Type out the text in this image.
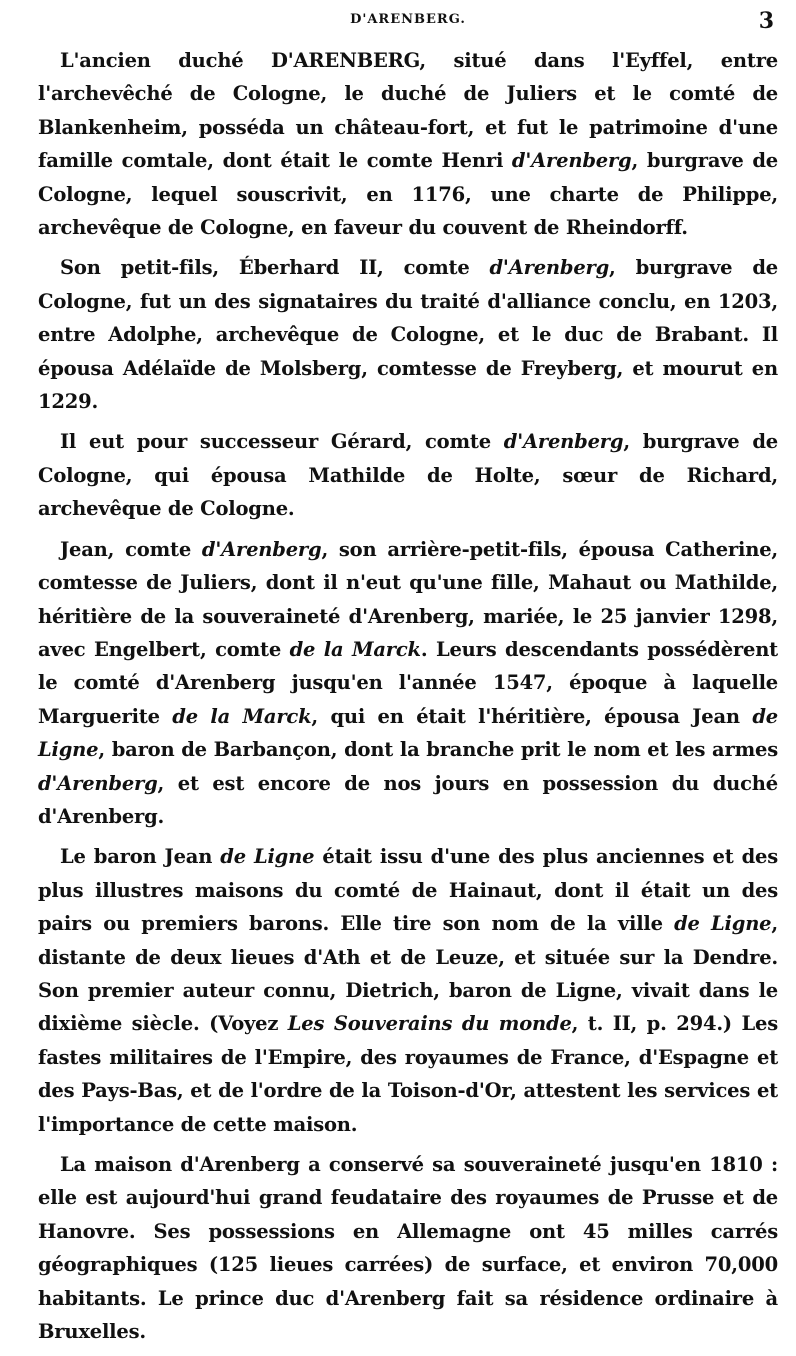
D'ARENBERG.	3

L'ancien duché D'ARENBERG, situé dans l'Eyffel, entre l'archevêché de Cologne, le duché de Juliers et le comté de Blankenheim, posséda un château-fort, et fut le patrimoine d'une famille comtale, dont était le comte Henri d'Arenberg, burgrave de Cologne, lequel souscrivit, en 1176, une charte de Philippe, archevêque de Cologne, en faveur du couvent de Rheindorff.

Son petit-fils, Éberhard II, comte d'Arenberg, burgrave de Cologne, fut un des signataires du traité d'alliance conclu, en 1203, entre Adolphe, archevêque de Cologne, et le duc de Brabant. Il épousa Adélaïde de Molsberg, comtesse de Freyberg, et mourut en 1229.

Il eut pour successeur Gérard, comte d'Arenberg, burgrave de Cologne, qui épousa Mathilde de Holte, sœur de Richard, archevêque de Cologne.

Jean, comte d'Arenberg, son arrière-petit-fils, épousa Catherine, comtesse de Juliers, dont il n'eut qu'une fille, Mahaut ou Mathilde, héritière de la souveraineté d'Arenberg, mariée, le 25 janvier 1298, avec Engelbert, comte de la Marck. Leurs descendants possédèrent le comté d'Arenberg jusqu'en l'année 1547, époque à laquelle Marguerite de la Marck, qui en était l'héritière, épousa Jean de Ligne, baron de Barbançon, dont la branche prit le nom et les armes d'Arenberg, et est encore de nos jours en possession du duché d'Arenberg.

Le baron Jean de Ligne était issu d'une des plus anciennes et des plus illustres maisons du comté de Hainaut, dont il était un des pairs ou premiers barons. Elle tire son nom de la ville de Ligne, distante de deux lieues d'Ath et de Leuze, et située sur la Dendre. Son premier auteur connu, Dietrich, baron de Ligne, vivait dans le dixième siècle. (Voyez Les Souverains du monde, t. II, p. 294.) Les fastes militaires de l'Empire, des royaumes de France, d'Espagne et des Pays-Bas, et de l'ordre de la Toison-d'Or, attestent les services et l'importance de cette maison.

La maison d'Arenberg a conservé sa souveraineté jusqu'en 1810 : elle est aujourd'hui grand feudataire des royaumes de Prusse et de Hanovre. Ses possessions en Allemagne ont 45 milles carrés géographiques (125 lieues carrées) de surface, et environ 70,000 habitants. Le prince duc d'Arenberg fait sa résidence ordinaire à Bruxelles.
